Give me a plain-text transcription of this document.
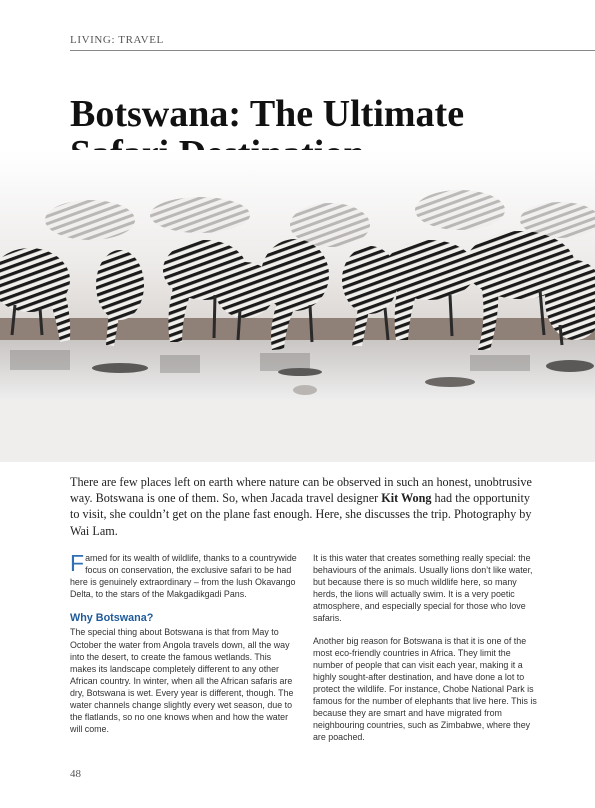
LIVING: TRAVEL
Botswana: The Ultimate

There are few places left on earth where nature can be observed in such an honest, unobtrusive way. Botswana is one of them. So, when Jacada travel designer Kit Wong had the opportunity to visit, she couldn’t get on the plane fast enough. Here, she discusses the trip. Photography by Wai Lam.

Famed for its wealth of wildlife, thanks to a countrywide focus on conservation, the exclusive safari to be had here is genuinely extraordinary – from the lush Okavango Delta, to the stars of the Makgadikgadi Pans.

Why Botswana?

The special thing about Botswana is that from May to October the water from Angola travels down, all the way into the desert, to create the famous wetlands. This makes its landscape completely different to any other African country. In winter, when all the African safaris are dry, Botswana is wet. Every year is different, though. The water channels change slightly every wet season, due to the flatlands, so no one knows when and how the water will come.

It is this water that creates something really special: the behaviours of the animals. Usually lions don’t like water, but because there is so much wildlife here, so many herds, the lions will actually swim. It is a very poetic atmosphere, and especially special for those who love safaris.

Another big reason for Botswana is that it is one of the most eco-friendly countries in Africa. They limit the number of people that can visit each year, making it a highly sought-after destination, and have done a lot to protect the wildlife. For instance, Chobe National Park is famous for the number of elephants that live here. This is because they are smart and have migrated from neighbouring countries, such as Zimbabwe, where they are poached.

48
